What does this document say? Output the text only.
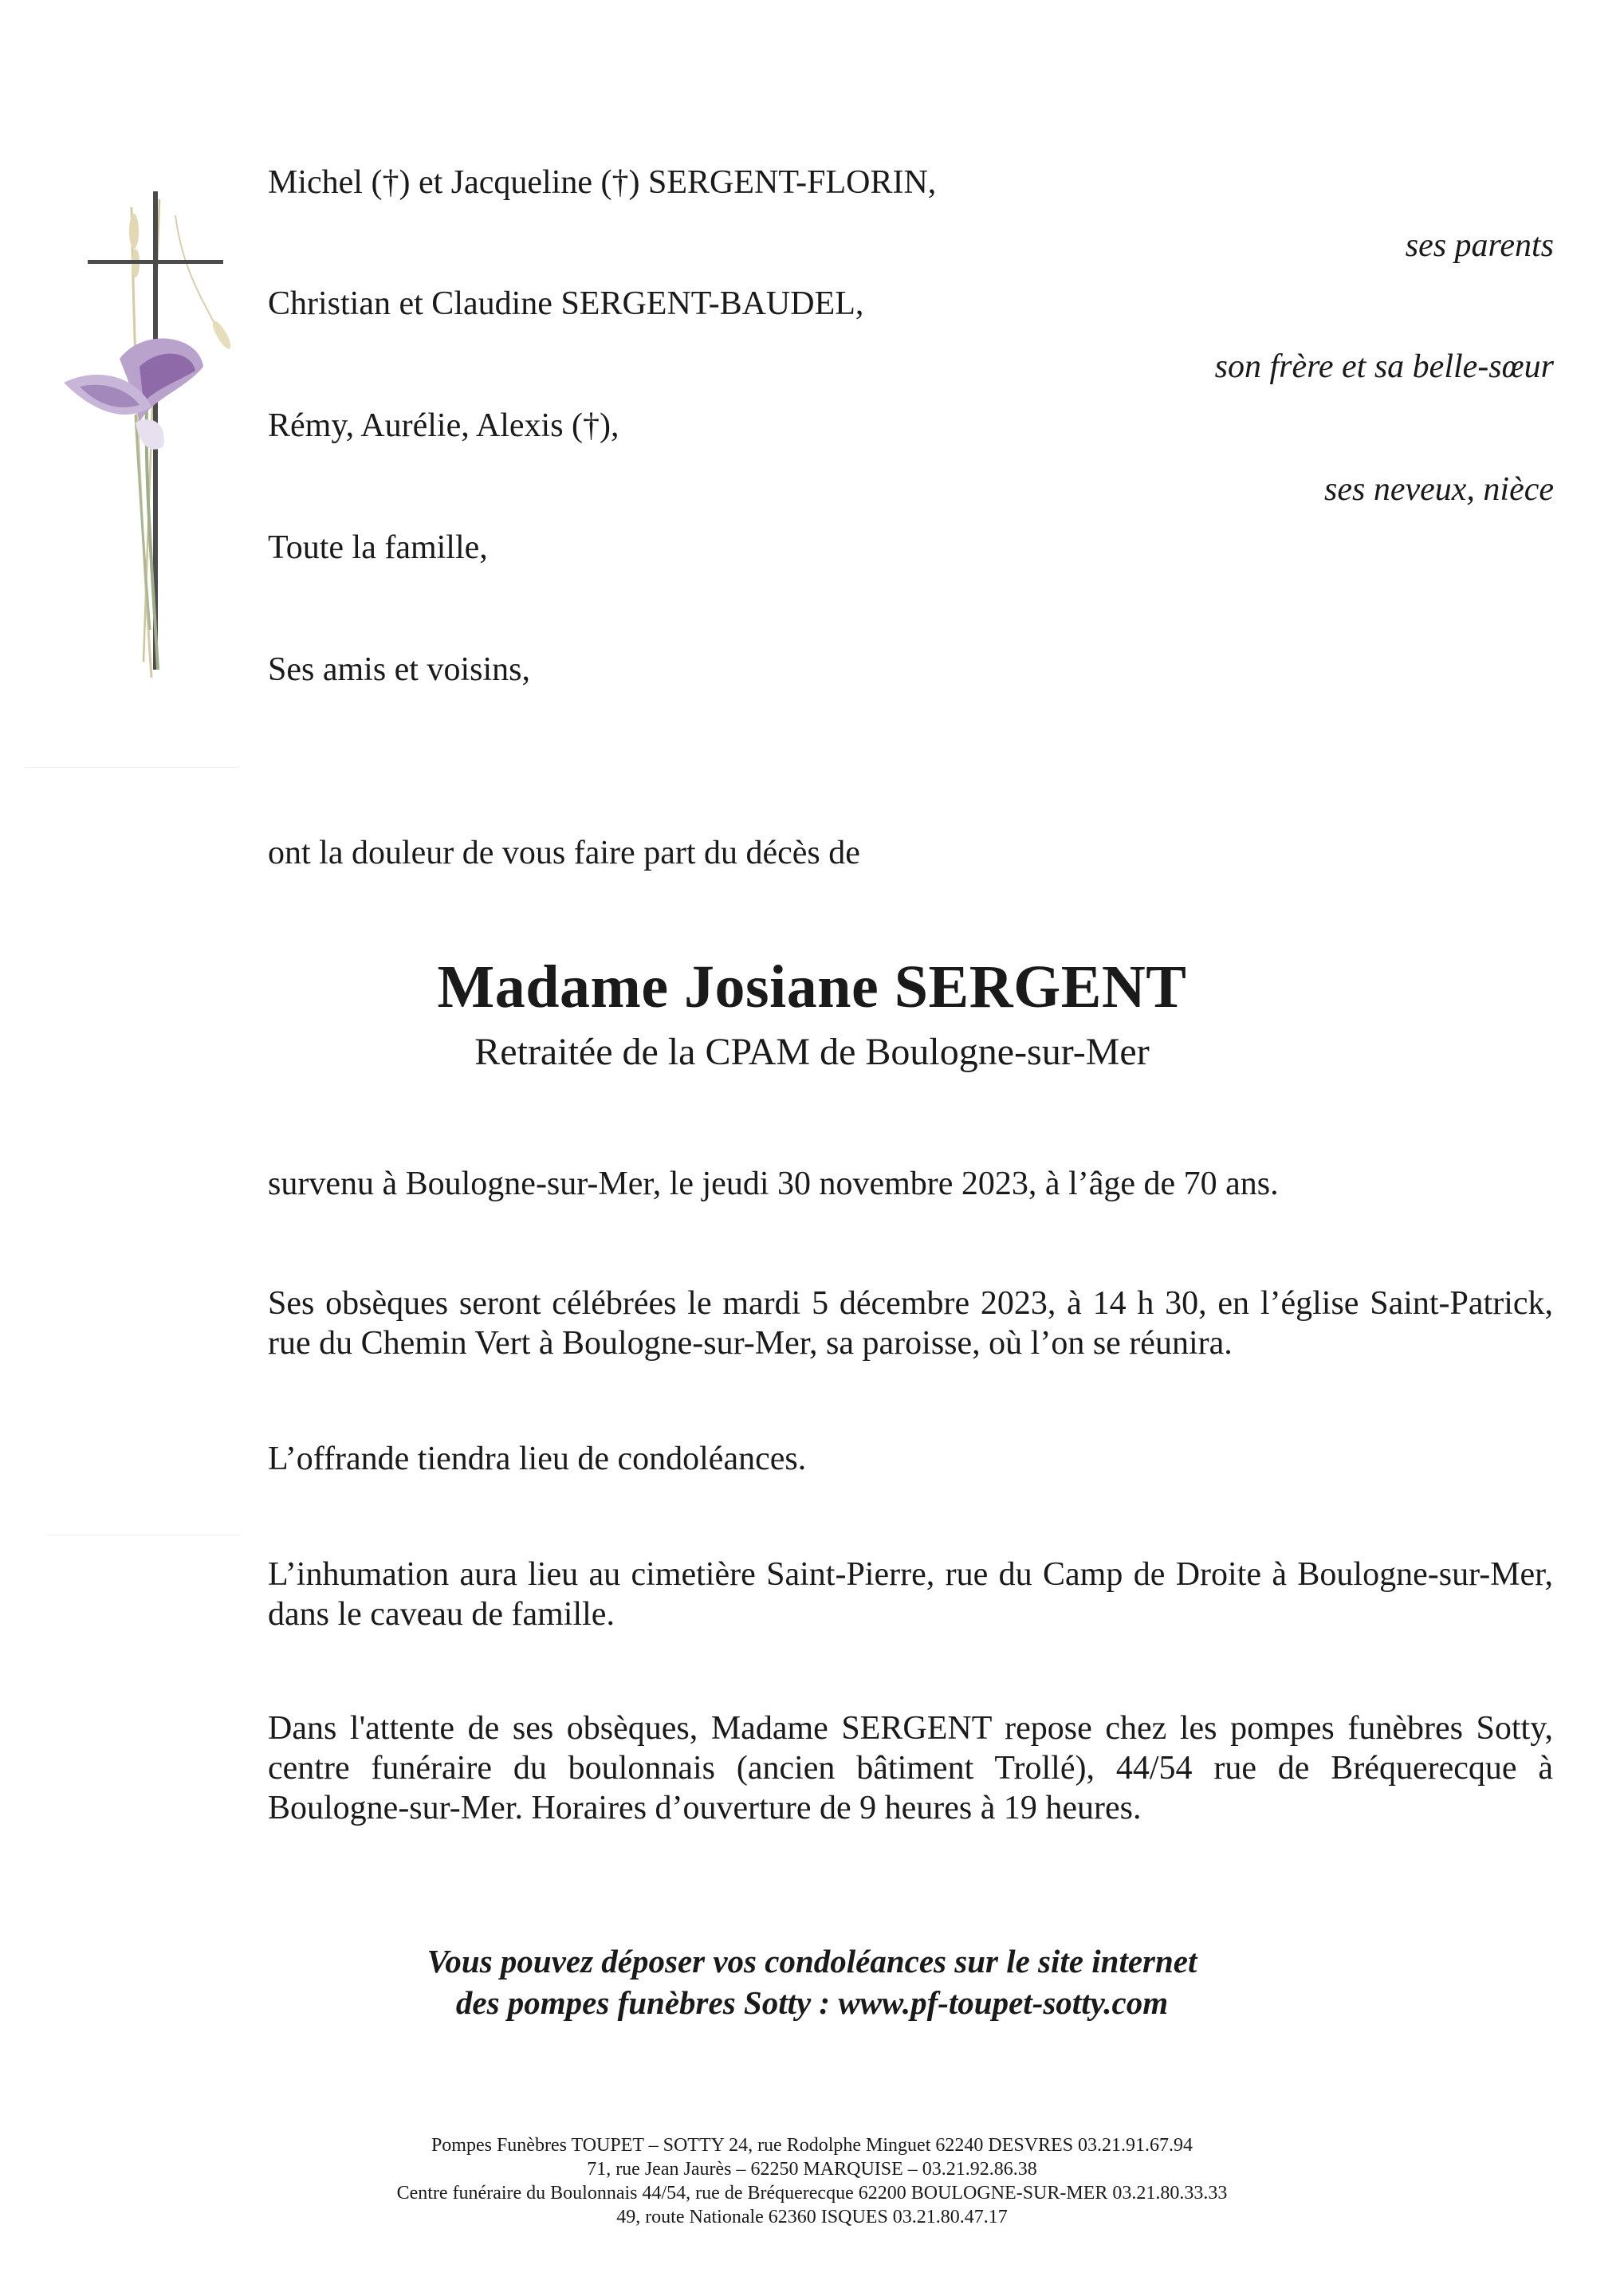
Michel (†) et Jacqueline (†) SERGENT-FLORIN,
ses parents
Christian et Claudine SERGENT-BAUDEL,
son frère et sa belle-sœur
Rémy, Aurélie, Alexis (†),
ses neveux, nièce
Toute la famille,
Ses amis et voisins,
ont la douleur de vous faire part du décès de
Madame Josiane SERGENT
Retraitée de la CPAM de Boulogne-sur-Mer
survenu à Boulogne-sur-Mer, le jeudi 30 novembre 2023, à l’âge de 70 ans.
Ses obsèques seront célébrées le mardi 5 décembre 2023, à 14 h 30, en l’église Saint-Patrick, rue du Chemin Vert à Boulogne-sur-Mer, sa paroisse, où l’on se réunira.
L’offrande tiendra lieu de condoléances.
L’inhumation aura lieu au cimetière Saint-Pierre, rue du Camp de Droite à Boulogne-sur-Mer, dans le caveau de famille.
Dans l'attente de ses obsèques, Madame SERGENT repose chez les pompes funèbres Sotty, centre funéraire du boulonnais (ancien bâtiment Trollé), 44/54 rue de Bréquerecque à Boulogne-sur-Mer. Horaires d’ouverture de 9 heures à 19 heures.
Vous pouvez déposer vos condoléances sur le site internet
des pompes funèbres Sotty : www.pf-toupet-sotty.com
Pompes Funèbres TOUPET – SOTTY 24, rue Rodolphe Minguet 62240 DESVRES 03.21.91.67.94
71, rue Jean Jaurès – 62250 MARQUISE – 03.21.92.86.38
Centre funéraire du Boulonnais 44/54, rue de Bréquerecque 62200 BOULOGNE-SUR-MER 03.21.80.33.33
49, route Nationale 62360 ISQUES 03.21.80.47.17
